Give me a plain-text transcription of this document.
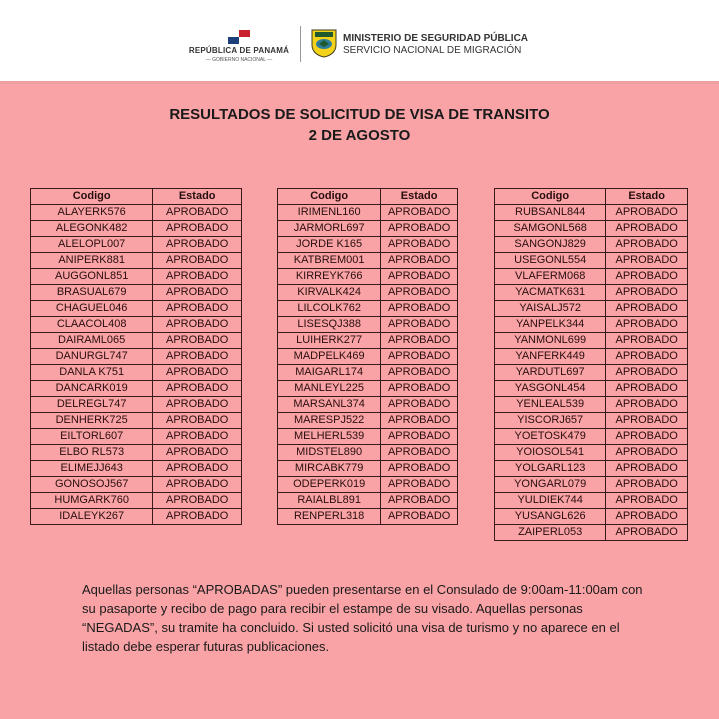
REPÚBLICA DE PANAMÁ
— GOBIERNO NACIONAL —
MINISTERIO DE SEGURIDAD PÚBLICA
SERVICIO NACIONAL DE MIGRACIÓN
RESULTADOS DE SOLICITUD DE VISA DE TRANSITO
2 DE AGOSTO
Codigo	Estado
ALAYERK576	APROBADO
ALEGONK482	APROBADO
ALELOPL007	APROBADO
ANIPERK881	APROBADO
AUGGONL851	APROBADO
BRASUAL679	APROBADO
CHAGUEL046	APROBADO
CLAACOL408	APROBADO
DAIRAML065	APROBADO
DANURGL747	APROBADO
DANLA K751	APROBADO
DANCARK019	APROBADO
DELREGL747	APROBADO
DENHERK725	APROBADO
EILTORL607	APROBADO
ELBO RL573	APROBADO
ELIMEJJ643	APROBADO
GONOSOJ567	APROBADO
HUMGARK760	APROBADO
IDALEYK267	APROBADO
Codigo	Estado
IRIMENL160	APROBADO
JARMORL697	APROBADO
JORDE K165	APROBADO
KATBREM001	APROBADO
KIRREYK766	APROBADO
KIRVALK424	APROBADO
LILCOLK762	APROBADO
LISESQJ388	APROBADO
LUIHERK277	APROBADO
MADPELK469	APROBADO
MAIGARL174	APROBADO
MANLEYL225	APROBADO
MARSANL374	APROBADO
MARESPJ522	APROBADO
MELHERL539	APROBADO
MIDSTEL890	APROBADO
MIRCABK779	APROBADO
ODEPERK019	APROBADO
RAIALBL891	APROBADO
RENPERL318	APROBADO
Codigo	Estado
RUBSANL844	APROBADO
SAMGONL568	APROBADO
SANGONJ829	APROBADO
USEGONL554	APROBADO
VLAFERM068	APROBADO
YACMATK631	APROBADO
YAISALJ572	APROBADO
YANPELK344	APROBADO
YANMONL699	APROBADO
YANFERK449	APROBADO
YARDUTL697	APROBADO
YASGONL454	APROBADO
YENLEAL539	APROBADO
YISCORJ657	APROBADO
YOETOSK479	APROBADO
YOIOSOL541	APROBADO
YOLGARL123	APROBADO
YONGARL079	APROBADO
YULDIEK744	APROBADO
YUSANGL626	APROBADO
ZAIPERL053	APROBADO
Aquellas personas “APROBADAS” pueden presentarse en el Consulado de 9:00am-11:00am con su pasaporte y recibo de pago para recibir el estampe de su visado. Aquellas personas “NEGADAS”, su tramite ha concluido. Si usted solicitó una visa de turismo y no aparece en el listado debe esperar futuras publicaciones.
